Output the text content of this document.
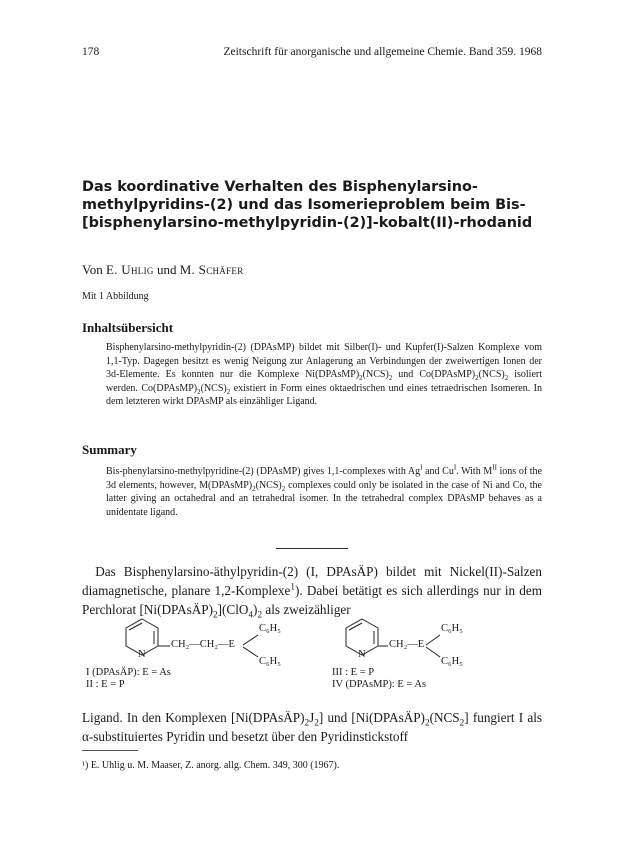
178	Zeitschrift für anorganische und allgemeine Chemie. Band 359. 1968
Das koordinative Verhalten des Bisphenylarsino-methylpyridins-(2) und das Isomerieproblem beim Bis-[bisphenylarsino-methylpyridin-(2)]-kobalt(II)-rhodanid
Von E. Uhlig und M. Schäfer
Mit 1 Abbildung
Inhaltsübersicht

Bisphenylarsino-methylpyridin-(2) (DPAsMP) bildet mit Silber(I)- und Kupfer(I)-Salzen Komplexe vom 1,1-Typ. Dagegen besitzt es wenig Neigung zur Anlagerung an Verbindungen der zweiwertigen Ionen der 3d-Elemente. Es konnten nur die Komplexe $Ni(DPAsMP)_2(NCS)_2$ und $Co(DPAsMP)_2(NCS)_2$ isoliert werden. $Co(DPAsMP)_2(NCS)_2$ existiert in Form eines oktaedrischen und eines tetraedrischen Isomeren. In dem letzteren wirkt DPAsMP als einzähliger Ligand.

Summary

Bis-phenylarsino-methylpyridine-(2) (DPAsMP) gives 1,1-complexes with $Ag^I$ and $Cu^I$. With $M^{II}$ ions of the 3d elements, however, $M(DPAsMP)_2(NCS)_2$ complexes could only be isolated in the case of Ni and Co, the latter giving an octahedral and an tetrahedral isomer. In the tetrahedral complex DPAsMP behaves as a unidentate ligand.

 Das Bisphenylarsino-äthylpyridin-(2) (I, DPAsÄP) bildet mit Nickel(II)-Salzen diamagnetische, planare 1,2-Komplexe$^1$). Dabei betätigt es sich allerdings nur in dem Perchlorat $[Ni(DPAsÄP)_2](ClO_4)_2$ als zweizähliger

N
CH₂—CH₂—E
C₆H₅
C₆H₅
I (DPAsÄP): E = As
II : E = P
N
CH₂—E
C₆H₅
C₆H₅
III : E = P
IV (DPAsMP): E = As

Ligand. In den Komplexen $[Ni(DPAsÄP)_2J_2]$ und [$Ni(DPAsÄP)_2(NCS_2]$ fungiert I als α-substituiertes Pyridin und besetzt über den Pyridinstickstoff

¹) E. Uhlig u. M. Maaser, Z. anorg. allg. Chem. 349, 300 (1967).
